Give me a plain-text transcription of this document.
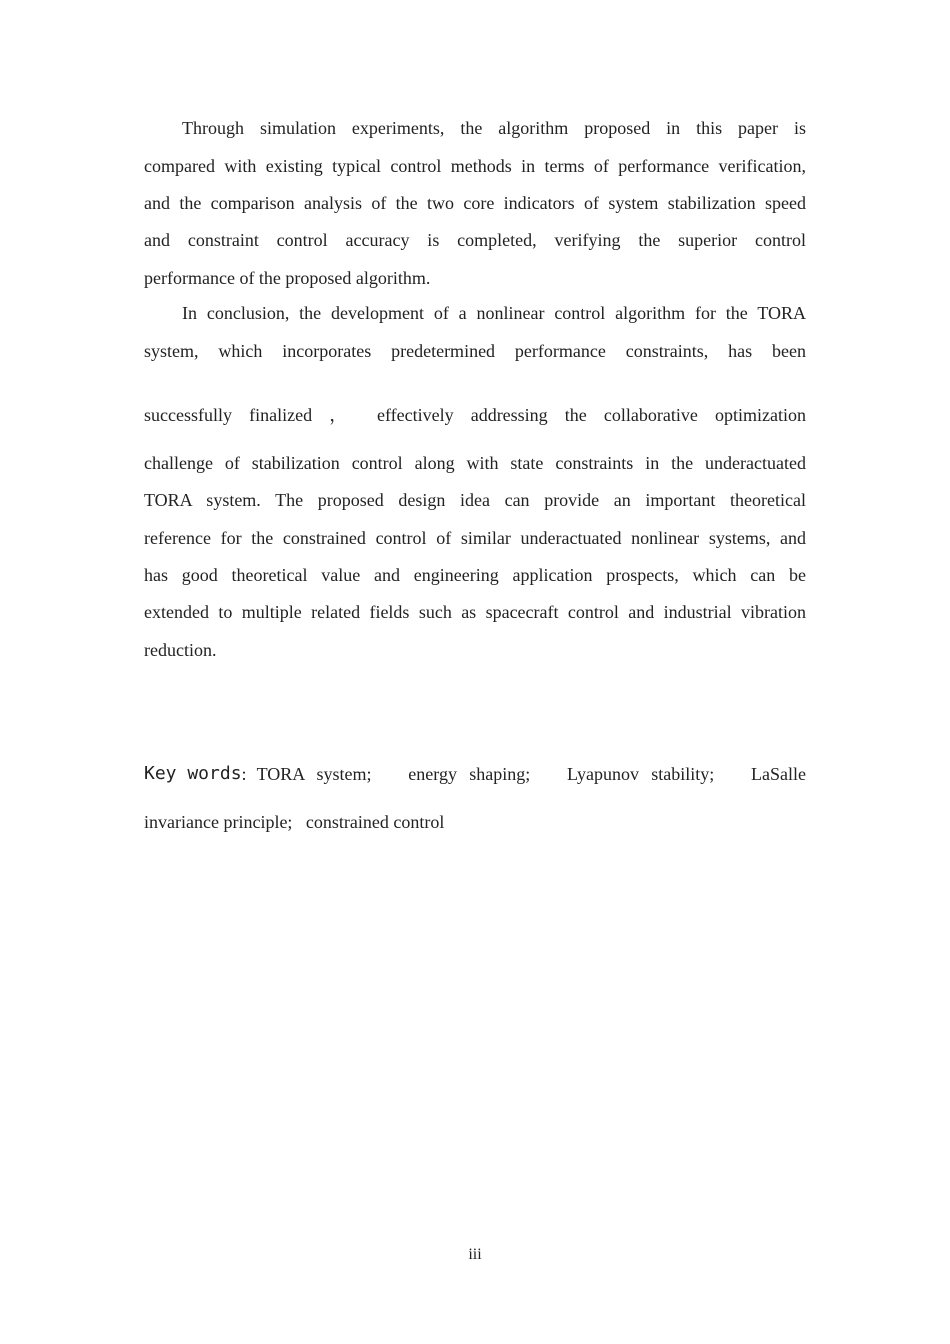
Through simulation experiments, the algorithm proposed in this paper is
compared with existing typical control methods in terms of performance verification,
and the comparison analysis of the two core indicators of system stabilization speed
and constraint control accuracy is completed, verifying the superior control
performance of the proposed algorithm.
In conclusion, the development of a nonlinear control algorithm for the TORA
system, which incorporates predetermined performance constraints, has been
successfully finalized ， effectively addressing the collaborative optimization
challenge of stabilization control along with state constraints in the underactuated
TORA system. The proposed design idea can provide an important theoretical
reference for the constrained control of similar underactuated nonlinear systems, and
has good theoretical value and engineering application prospects, which can be
extended to multiple related fields such as spacecraft control and industrial vibration
reduction.
Key words : TORA system;   energy shaping;   Lyapunov stability;   LaSalle
invariance principle;   constrained control
iii
